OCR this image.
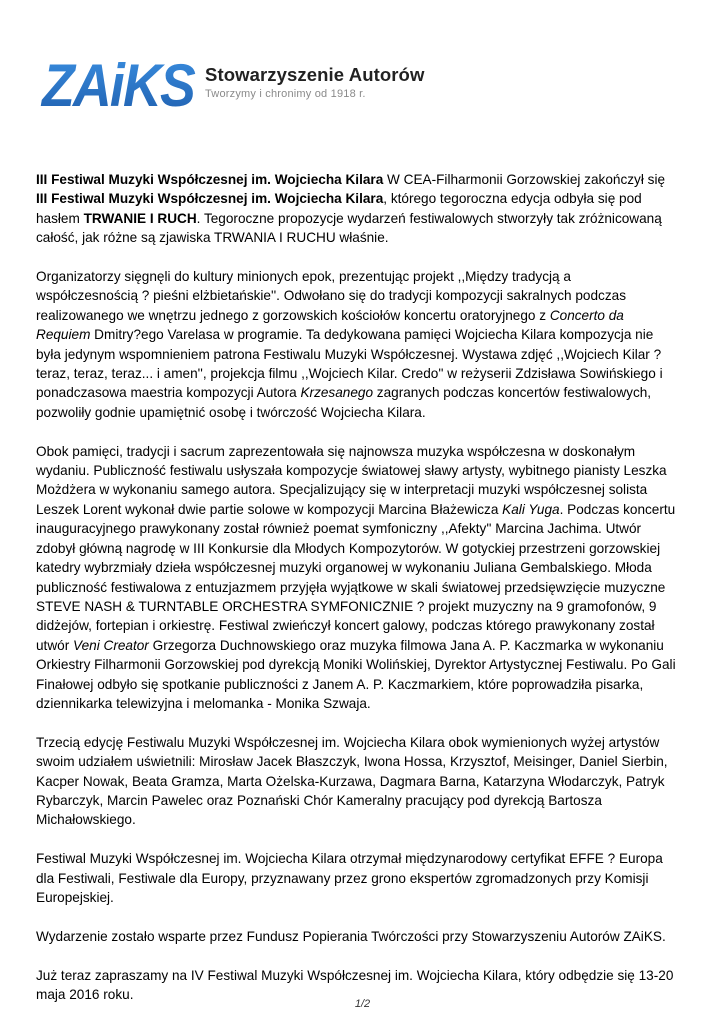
ZAiKS Stowarzyszenie Autorów
Tworzymy i chronimy od 1918 r.

III Festiwal Muzyki Współczesnej im. Wojciecha Kilara W CEA-Filharmonii Gorzowskiej zakończył się III Festiwal Muzyki Współczesnej im. Wojciecha Kilara, którego tegoroczna edycja odbyła się pod hasłem TRWANIE I RUCH. Tegoroczne propozycje wydarzeń festiwalowych stworzyły tak zróżnicowaną całość, jak różne są zjawiska TRWANIA I RUCHU właśnie.

Organizatorzy sięgnęli do kultury minionych epok, prezentując projekt ,,Między tradycją a współczesnością ? pieśni elżbietańskie''. Odwołano się do tradycji kompozycji sakralnych podczas realizowanego we wnętrzu jednego z gorzowskich kościołów koncertu oratoryjnego z Concerto da Requiem Dmitry?ego Varelasa w programie. Ta dedykowana pamięci Wojciecha Kilara kompozycja nie była jedynym wspomnieniem patrona Festiwalu Muzyki Współczesnej. Wystawa zdjęć ,,Wojciech Kilar ? teraz, teraz, teraz... i amen'', projekcja filmu ,,Wojciech Kilar. Credo'' w reżyserii Zdzisława Sowińskiego i ponadczasowa maestria kompozycji Autora Krzesanego zagranych podczas koncertów festiwalowych, pozwoliły godnie upamiętnić osobę i twórczość Wojciecha Kilara.

Obok pamięci, tradycji i sacrum zaprezentowała się najnowsza muzyka współczesna w doskonałym wydaniu. Publiczność festiwalu usłyszała kompozycje światowej sławy artysty, wybitnego pianisty Leszka Możdżera w wykonaniu samego autora. Specjalizujący się w interpretacji muzyki współczesnej solista Leszek Lorent wykonał dwie partie solowe w kompozycji Marcina Błażewicza Kali Yuga. Podczas koncertu inauguracyjnego prawykonany został również poemat symfoniczny ,,Afekty'' Marcina Jachima. Utwór zdobył główną nagrodę w III Konkursie dla Młodych Kompozytorów. W gotyckiej przestrzeni gorzowskiej katedry wybrzmiały dzieła współczesnej muzyki organowej w wykonaniu Juliana Gembalskiego. Młoda publiczność festiwalowa z entuzjazmem przyjęła wyjątkowe w skali światowej przedsięwzięcie muzyczne STEVE NASH & TURNTABLE ORCHESTRA SYMFONICZNIE ? projekt muzyczny na 9 gramofonów, 9 didżejów, fortepian i orkiestrę. Festiwal zwieńczył koncert galowy, podczas którego prawykonany został utwór Veni Creator Grzegorza Duchnowskiego oraz muzyka filmowa Jana A. P. Kaczmarka w wykonaniu Orkiestry Filharmonii Gorzowskiej pod dyrekcją Moniki Wolińskiej, Dyrektor Artystycznej Festiwalu. Po Gali Finałowej odbyło się spotkanie publiczności z Janem A. P. Kaczmarkiem, które poprowadziła pisarka, dziennikarka telewizyjna i melomanka - Monika Szwaja.

Trzecią edycję Festiwalu Muzyki Współczesnej im. Wojciecha Kilara obok wymienionych wyżej artystów swoim udziałem uświetnili: Mirosław Jacek Błaszczyk, Iwona Hossa, Krzysztof, Meisinger, Daniel Sierbin, Kacper Nowak, Beata Gramza, Marta Ożelska-Kurzawa, Dagmara Barna, Katarzyna Włodarczyk, Patryk Rybarczyk, Marcin Pawelec oraz Poznański Chór Kameralny pracujący pod dyrekcją Bartosza Michałowskiego.

Festiwal Muzyki Współczesnej im. Wojciecha Kilara otrzymał międzynarodowy certyfikat EFFE ? Europa dla Festiwali, Festiwale dla Europy, przyznawany przez grono ekspertów zgromadzonych przy Komisji Europejskiej.

Wydarzenie zostało wsparte przez Fundusz Popierania Twórczości przy Stowarzyszeniu Autorów ZAiKS.

Już teraz zapraszamy na IV Festiwal Muzyki Współczesnej im. Wojciecha Kilara, który odbędzie się 13-20 maja 2016 roku.

1/2
